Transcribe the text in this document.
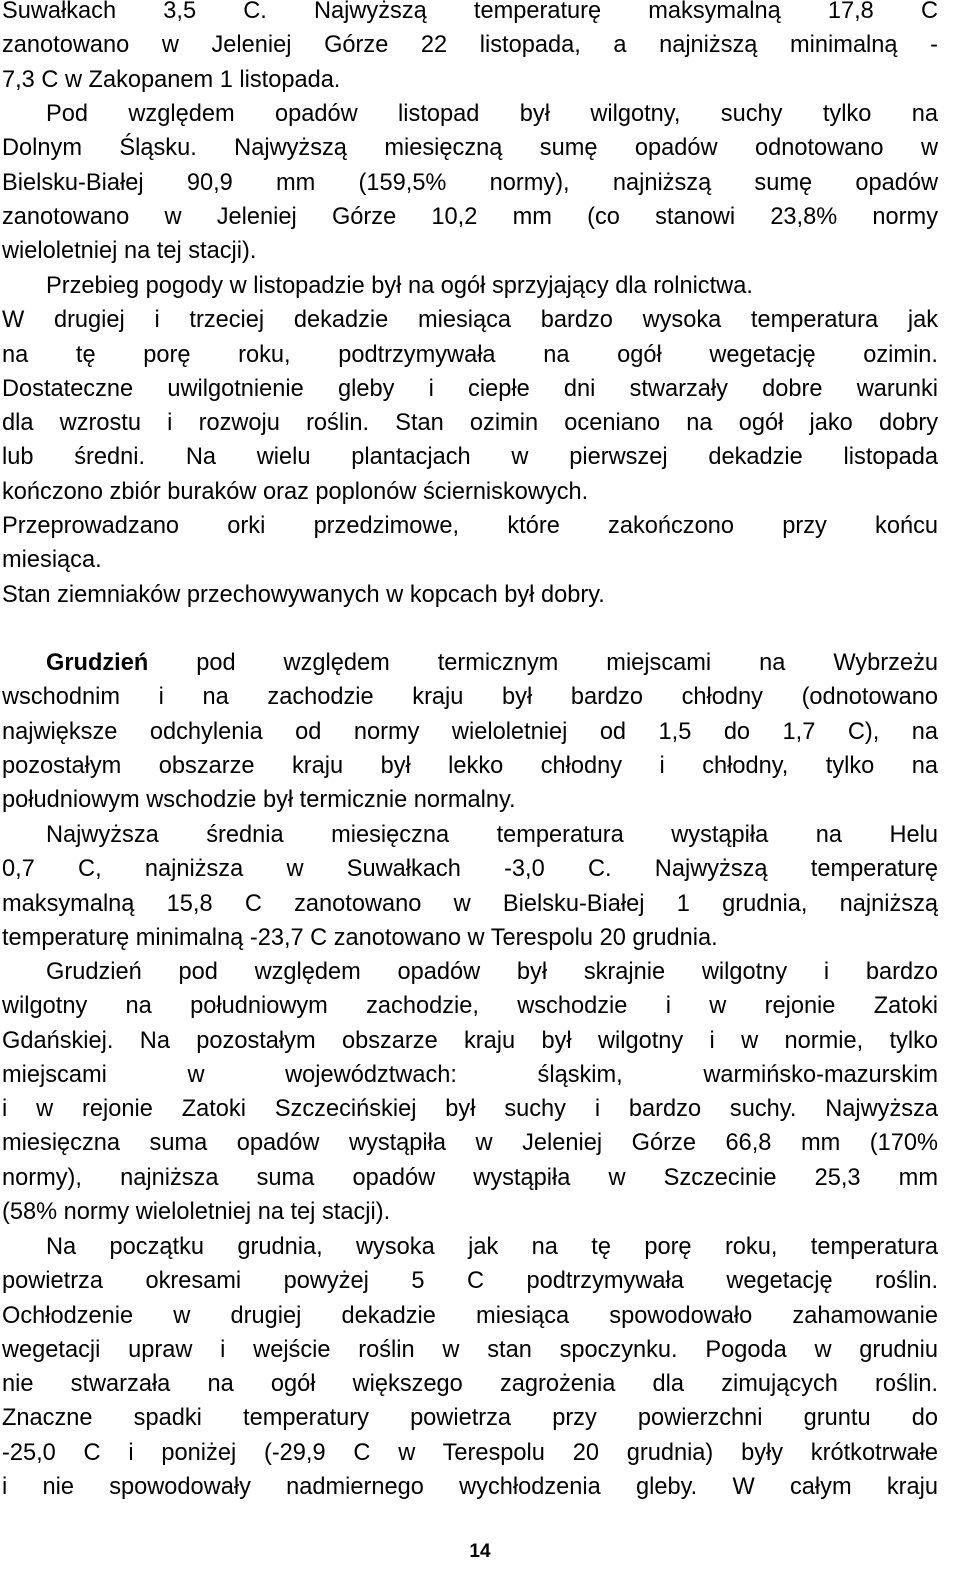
Suwałkach 3,5 C. Najwyższą temperaturę maksymalną 17,8 C
zanotowano w Jeleniej Górze 22 listopada, a najniższą minimalną -
7,3 C w Zakopanem 1 listopada.
Pod względem opadów listopad był wilgotny, suchy tylko na
Dolnym Śląsku. Najwyższą miesięczną sumę opadów odnotowano w
Bielsku-Białej 90,9 mm (159,5% normy), najniższą sumę opadów
zanotowano w Jeleniej Górze 10,2 mm (co stanowi 23,8% normy
wieloletniej na tej stacji).
Przebieg pogody w listopadzie był na ogół sprzyjający dla rolnictwa.
W drugiej i trzeciej dekadzie miesiąca bardzo wysoka temperatura jak
na tę porę roku, podtrzymywała na ogół wegetację ozimin.
Dostateczne uwilgotnienie gleby i ciepłe dni stwarzały dobre warunki
dla wzrostu i rozwoju roślin. Stan ozimin oceniano na ogół jako dobry
lub średni. Na wielu plantacjach w pierwszej dekadzie listopada
kończono zbiór buraków oraz poplonów ścierniskowych.
Przeprowadzano orki przedzimowe, które zakończono przy końcu
miesiąca.
Stan ziemniaków przechowywanych w kopcach był dobry.
Grudzień pod względem termicznym miejscami na Wybrzeżu
wschodnim i na zachodzie kraju był bardzo chłodny (odnotowano
największe odchylenia od normy wieloletniej od 1,5 do 1,7 C), na
pozostałym obszarze kraju był lekko chłodny i chłodny, tylko na
południowym wschodzie był termicznie normalny.
Najwyższa średnia miesięczna temperatura wystąpiła na Helu
0,7 C, najniższa w Suwałkach -3,0 C. Najwyższą temperaturę
maksymalną 15,8 C zanotowano w Bielsku-Białej 1 grudnia, najniższą
temperaturę minimalną -23,7 C zanotowano w Terespolu 20 grudnia.
Grudzień pod względem opadów był skrajnie wilgotny i bardzo
wilgotny na południowym zachodzie, wschodzie i w rejonie Zatoki
Gdańskiej. Na pozostałym obszarze kraju był wilgotny i w normie, tylko
miejscami w województwach: śląskim, warmińsko-mazurskim
i w rejonie Zatoki Szczecińskiej był suchy i bardzo suchy. Najwyższa
miesięczna suma opadów wystąpiła w Jeleniej Górze 66,8 mm (170%
normy), najniższa suma opadów wystąpiła w Szczecinie 25,3 mm
(58% normy wieloletniej na tej stacji).
Na początku grudnia, wysoka jak na tę porę roku, temperatura
powietrza okresami powyżej 5 C podtrzymywała wegetację roślin.
Ochłodzenie w drugiej dekadzie miesiąca spowodowało zahamowanie
wegetacji upraw i wejście roślin w stan spoczynku. Pogoda w grudniu
nie stwarzała na ogół większego zagrożenia dla zimujących roślin.
Znaczne spadki temperatury powietrza przy powierzchni gruntu do
-25,0 C i poniżej (-29,9 C w Terespolu 20 grudnia) były krótkotrwałe
i nie spowodowały nadmiernego wychłodzenia gleby. W całym kraju
14
